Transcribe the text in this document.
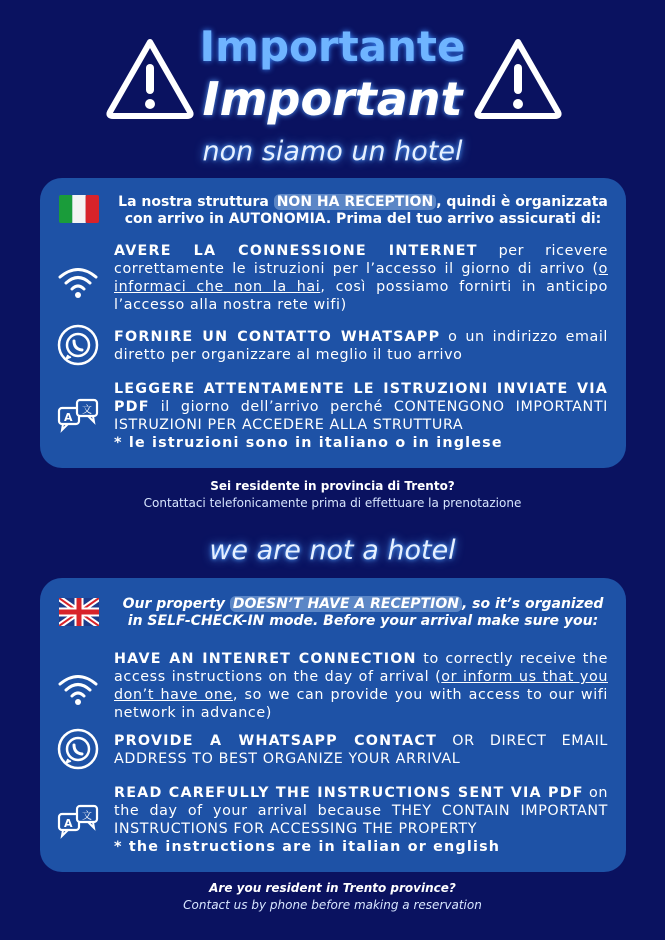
Importante
Important
non siamo un hotel
La nostra struttura NON HA RECEPTION , quindi è organizzata con arrivo in AUTONOMIA. Prima del tuo arrivo assicurati di:
AVERE LA CONNESSIONE INTERNET per ricevere correttamente le istruzioni per l’accesso il giorno di arrivo (o informaci che non la hai, così possiamo fornirti in anticipo l’accesso alla nostra rete wifi)
FORNIRE UN CONTATTO WHATSAPP o un indirizzo email diretto per organizzare al meglio il tuo arrivo
A
文
LEGGERE ATTENTAMENTE LE ISTRUZIONI INVIATE VIA PDF il giorno dell’arrivo perché CONTENGONO IMPORTANTI ISTRUZIONI PER ACCEDERE ALLA STRUTTURA
* le istruzioni sono in italiano o in inglese
Sei residente in provincia di Trento?
Contattaci telefonicamente prima di effettuare la prenotazione
we are not a hotel
Our property DOESN’T HAVE A RECEPTION , so it’s organized in SELF-CHECK-IN mode. Before your arrival make sure you:
HAVE AN INTENRET CONNECTION to correctly receive the access instructions on the day of arrival (or inform us that you don’t have one, so we can provide you with access to our wifi network in advance)
PROVIDE A WHATSAPP CONTACT OR DIRECT EMAIL ADDRESS TO BEST ORGANIZE YOUR ARRIVAL
A
文
READ CAREFULLY THE INSTRUCTIONS SENT VIA PDF on the day of your arrival because THEY CONTAIN IMPORTANT INSTRUCTIONS FOR ACCESSING THE PROPERTY
* the instructions are in italian or english
Are you resident in Trento province?
Contact us by phone before making a reservation
